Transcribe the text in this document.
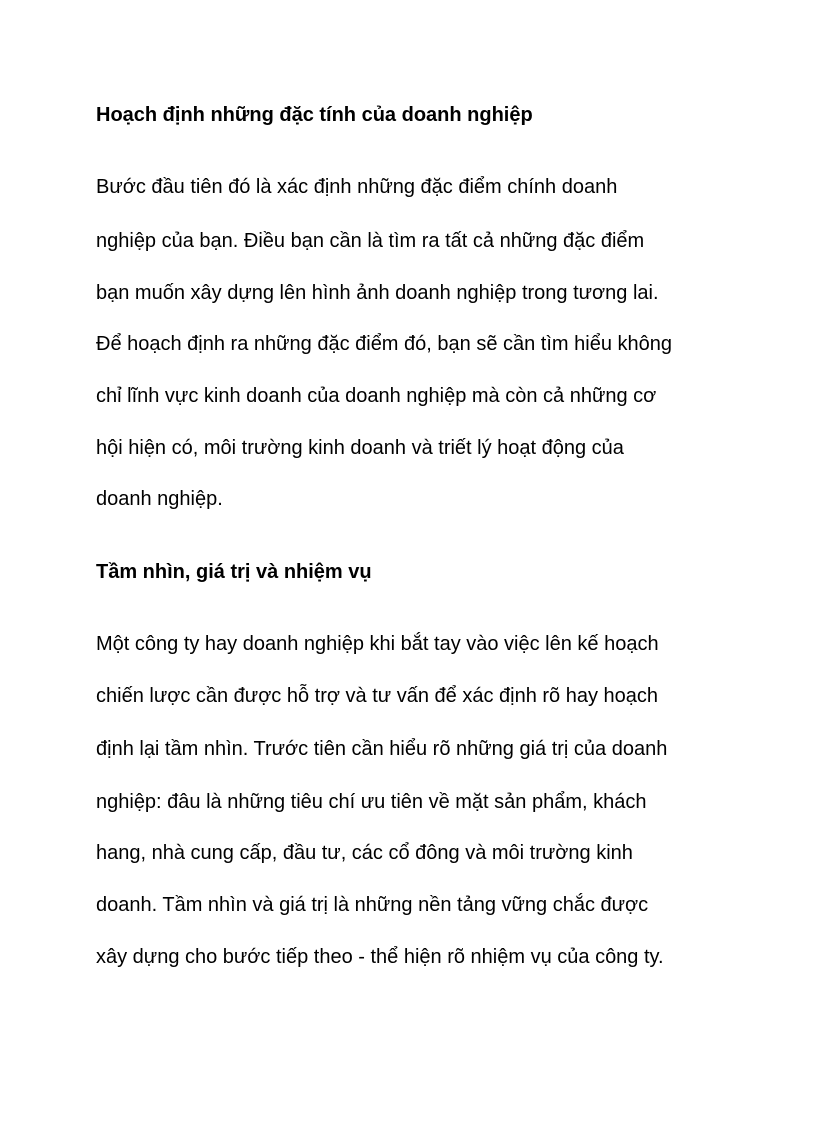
Hoạch định những đặc tính của doanh nghiệp

Bước đầu tiên đó là xác định những đặc điểm chính doanh

nghiệp của bạn. Điều bạn cần là tìm ra tất cả những đặc điểm

bạn muốn xây dựng lên hình ảnh doanh nghiệp trong tương lai.

Để hoạch định ra những đặc điểm đó, bạn sẽ cần tìm hiểu không

chỉ lĩnh vực kinh doanh của doanh nghiệp mà còn cả những cơ

hội hiện có, môi trường kinh doanh và triết lý hoạt động của

doanh nghiệp.

Tầm nhìn, giá trị và nhiệm vụ

Một công ty hay doanh nghiệp khi bắt tay vào việc lên kế hoạch

chiến lược cần được hỗ trợ và tư vấn để xác định rõ hay hoạch

định lại tầm nhìn. Trước tiên cần hiểu rõ những giá trị của doanh

nghiệp: đâu là những tiêu chí ưu tiên về mặt sản phẩm, khách

hang, nhà cung cấp, đầu tư, các cổ đông và môi trường kinh

doanh. Tầm nhìn và giá trị là những nền tảng vững chắc được

xây dựng cho bước tiếp theo - thể hiện rõ nhiệm vụ của công ty.
